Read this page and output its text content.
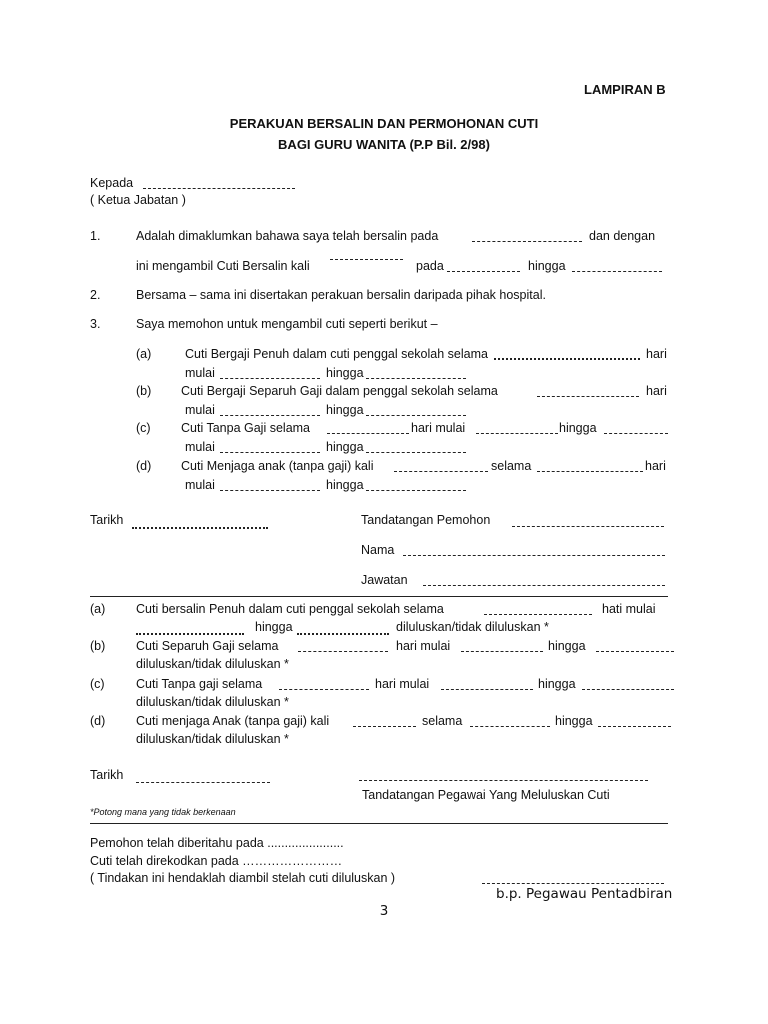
LAMPIRAN B
PERAKUAN BERSALIN DAN PERMOHONAN CUTI
BAGI GURU WANITA (P.P Bil. 2/98)
Kepada
( Ketua Jabatan )
1.	Adalah dimaklumkan bahawa saya telah bersalin pada	dan dengan
ini mengambil Cuti Bersalin kali	pada	hingga
2.	Bersama – sama ini disertakan perakuan bersalin daripada pihak hospital.
3.	Saya memohon untuk mengambil cuti seperti berikut –
(a)	Cuti Bergaji Penuh dalam cuti penggal sekolah selama	hari
mulai	hingga
(b) Cuti Bergaji Separuh Gaji dalam penggal sekolah selama	hari
mulai	hingga
(c) Cuti Tanpa Gaji selama	hari mulai	hingga
mulai	hingga
(d) Cuti Menjaga anak (tanpa gaji) kali	selama	hari
mulai	hingga
Tarikh	Tandatangan Pemohon
Nama
Jawatan
(a) Cuti bersalin Penuh dalam cuti penggal sekolah selama	hati mulai
hingga	diluluskan/tidak diluluskan *
(b) Cuti Separuh Gaji selama	hari mulai	hingga
diluluskan/tidak diluluskan *
(c)	Cuti Tanpa gaji selama	hari mulai	hingga
diluluskan/tidak diluluskan *
(d) Cuti menjaga Anak (tanpa gaji) kali	selama	hingga
diluluskan/tidak diluluskan *
Tarikh
Tandatangan Pegawai Yang Meluluskan Cuti
*Potong mana yang tidak berkenaan
Pemohon telah diberitahu pada ......................
Cuti telah direkodkan pada ……………………
( Tindakan ini hendaklah diambil stelah cuti diluluskan )
b.p. Pegawau Pentadbiran
3
